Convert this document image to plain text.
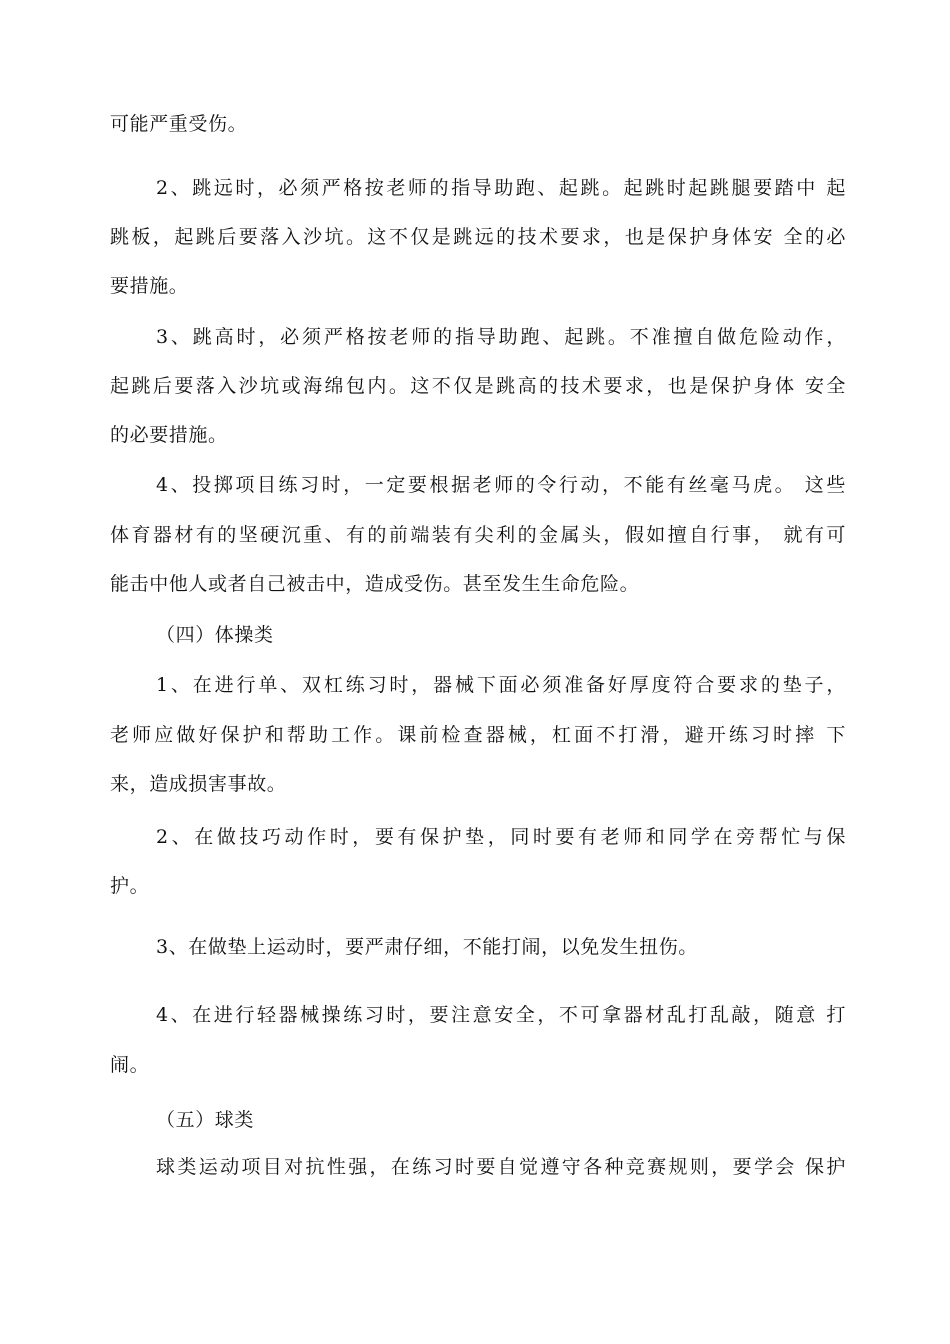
可能严重受伤。
2、跳远时，必须严格按老师的指导助跑、起跳。起跳时起跳腿要踏中 起
跳板，起跳后要落入沙坑。这不仅是跳远的技术要求，也是保护身体安 全的必
要措施。
3、跳高时，必须严格按老师的指导助跑、起跳。不准擅自做危险动作，
起跳后要落入沙坑或海绵包内。这不仅是跳高的技术要求，也是保护身体 安全
的必要措施。
4、投掷项目练习时，一定要根据老师的令行动，不能有丝毫马虎。 这些
体育器材有的坚硬沉重、有的前端装有尖利的金属头，假如擅自行事， 就有可
能击中他人或者自己被击中，造成受伤。甚至发生生命危险。
（四）体操类
1、在进行单、双杠练习时，器械下面必须准备好厚度符合要求的垫子，
老师应做好保护和帮助工作。课前检查器械，杠面不打滑，避开练习时摔 下
来，造成损害事故。
2、在做技巧动作时，要有保护垫，同时要有老师和同学在旁帮忙与保
护。
3、在做垫上运动时，要严肃仔细，不能打闹，以免发生扭伤。
4、在进行轻器械操练习时，要注意安全，不可拿器材乱打乱敲，随意 打
闹。
（五）球类
球类运动项目对抗性强，在练习时要自觉遵守各种竞赛规则，要学会 保护
